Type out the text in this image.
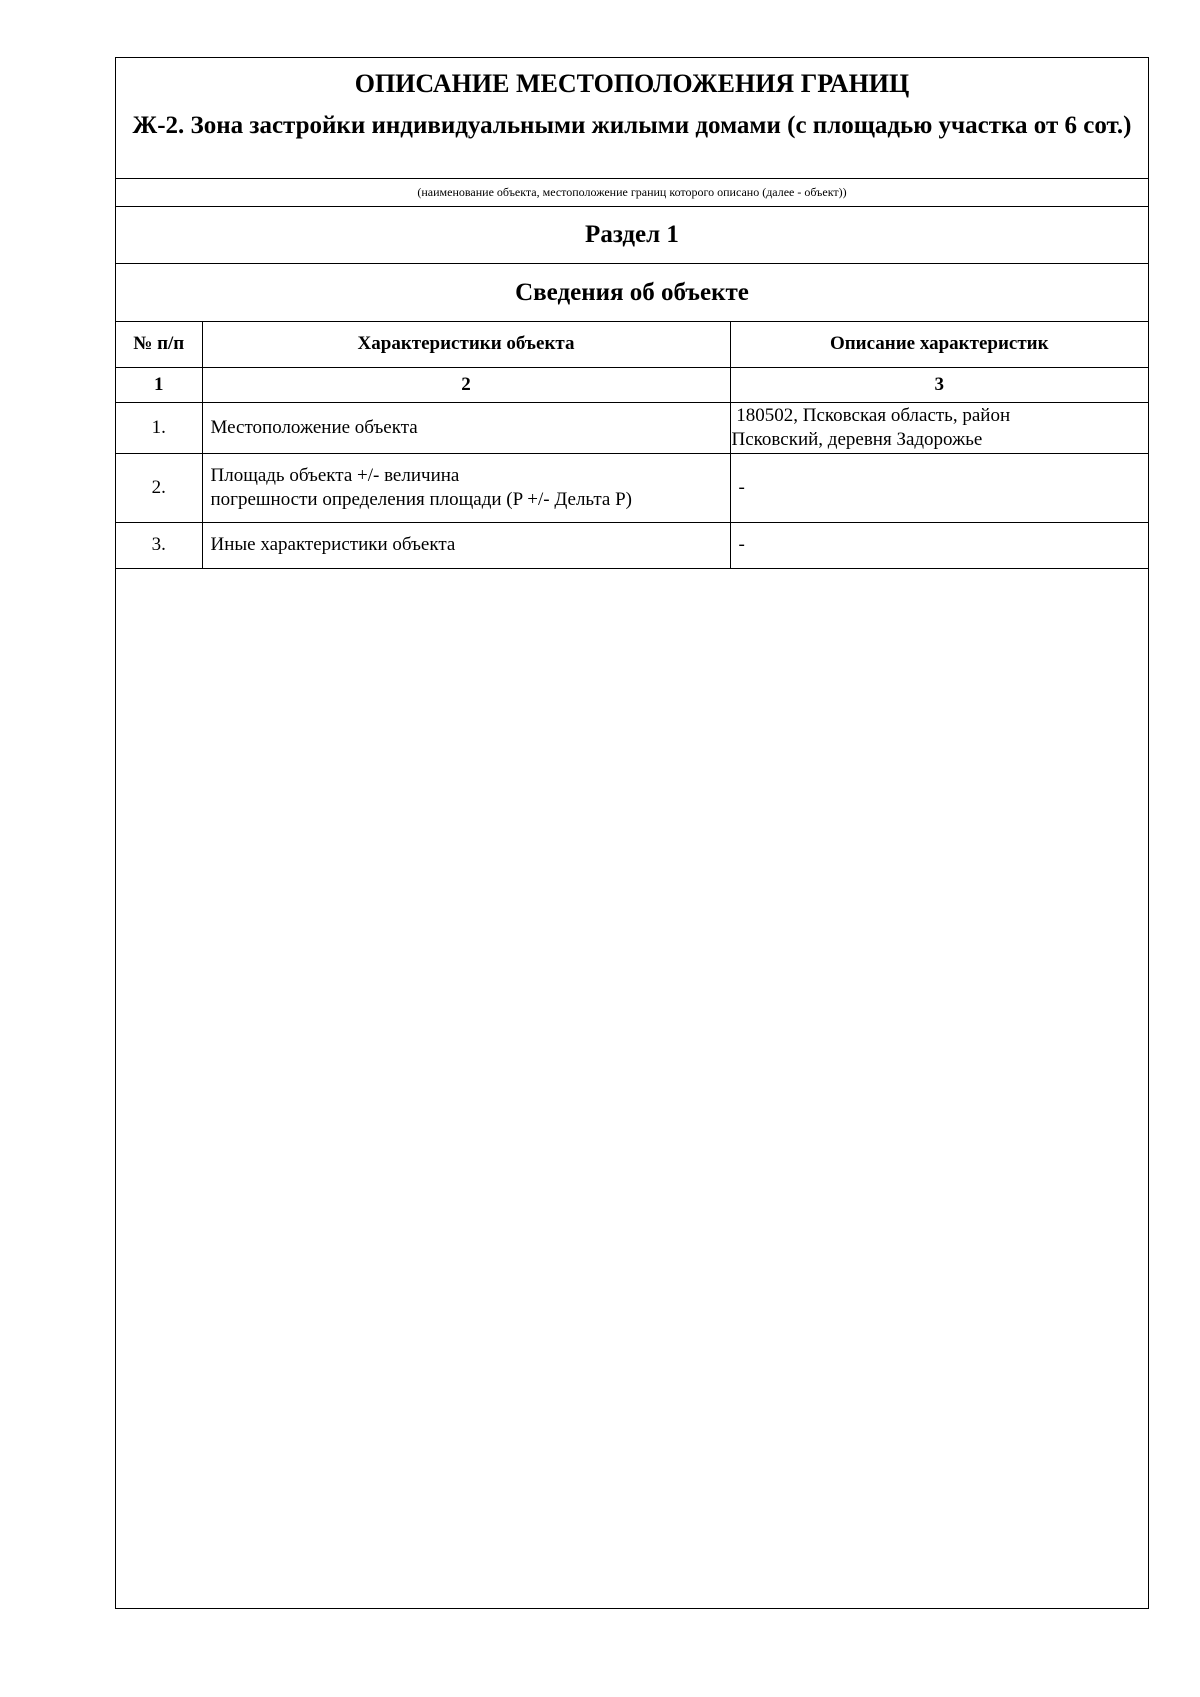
ОПИСАНИЕ МЕСТОПОЛОЖЕНИЯ ГРАНИЦ
Ж-2. Зона застройки индивидуальными жилыми домами (с площадью участка от 6 сот.)
(наименование объекта, местоположение границ которого описано (далее - объект))
Раздел 1
Сведения об объекте
№ п/п	Характеристики объекта	Описание характеристик
1	2	3
1.	Местоположение объекта	180502, Псковская область, район
Псковский, деревня Задорожье

2.	Площадь объекта +/- величина
погрешности определения площади (P +/- Дельта P)	-
3.	Иные характеристики объекта	-
